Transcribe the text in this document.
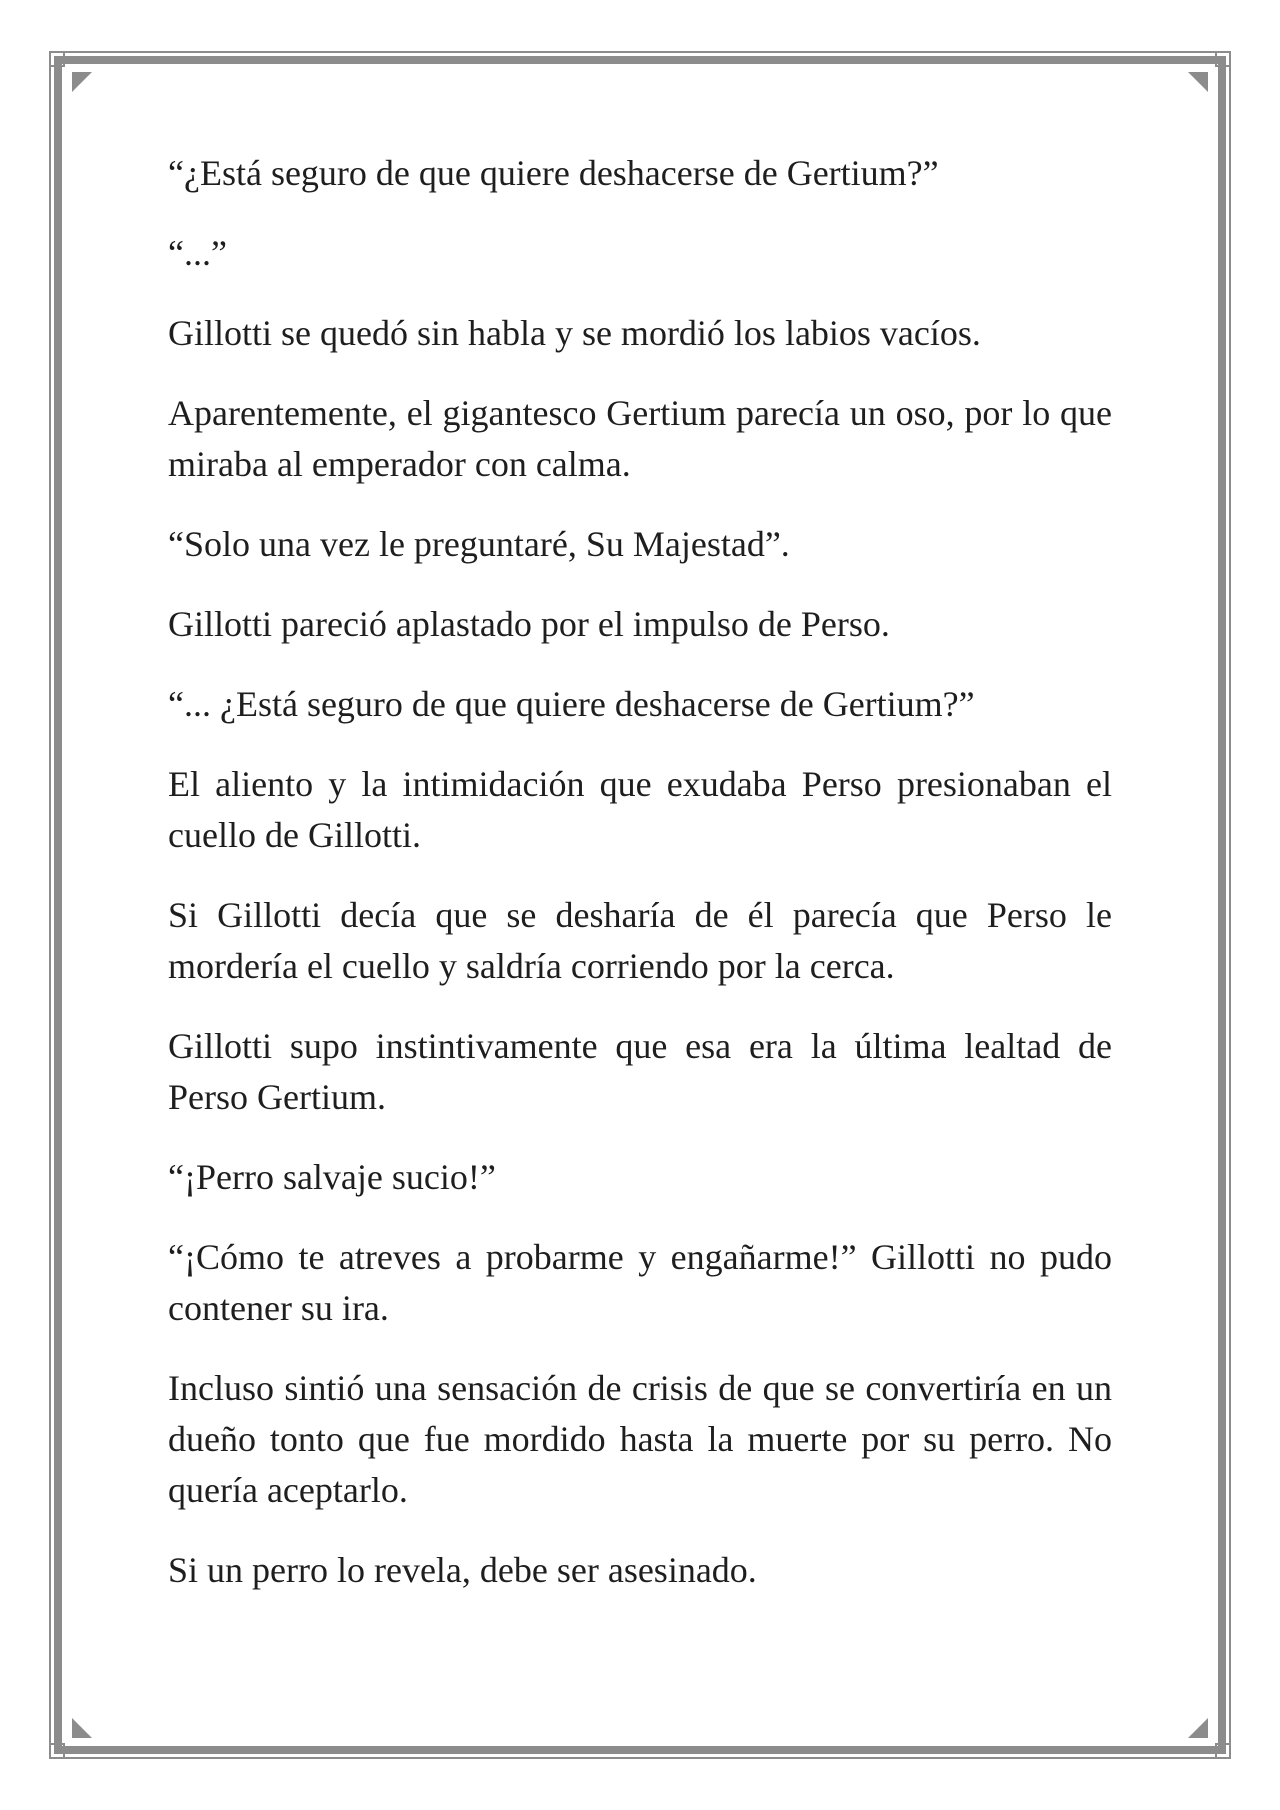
“¿Está seguro de que quiere deshacerse de Gertium?”

“...”

Gillotti se quedó sin habla y se mordió los labios vacíos.

Aparentemente, el gigantesco Gertium parecía un oso, por lo que miraba al emperador con calma.

“Solo una vez le preguntaré, Su Majestad”.

Gillotti pareció aplastado por el impulso de Perso.

“... ¿Está seguro de que quiere deshacerse de Gertium?”

El aliento y la intimidación que exudaba Perso presionaban el cuello de Gillotti.

Si Gillotti decía que se desharía de él parecía que Perso le mordería el cuello y saldría corriendo por la cerca.

Gillotti supo instintivamente que esa era la última lealtad de Perso Gertium.

“¡Perro salvaje sucio!”

“¡Cómo te atreves a probarme y engañarme!” Gillotti no pudo contener su ira.

Incluso sintió una sensación de crisis de que se convertiría en un dueño tonto que fue mordido hasta la muerte por su perro. No quería aceptarlo.

Si un perro lo revela, debe ser asesinado.
